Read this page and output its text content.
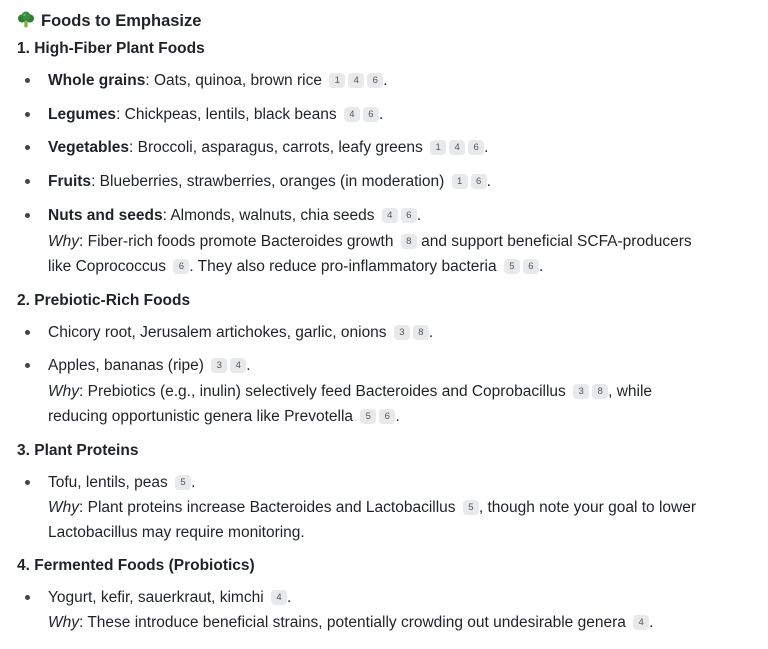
Foods to Emphasize
1. High-Fiber Plant Foods
Whole grains: Oats, quinoa, brown rice 1 4 6 .
Legumes: Chickpeas, lentils, black beans 4 6 .
Vegetables: Broccoli, asparagus, carrots, leafy greens 1 4 6 .
Fruits: Blueberries, strawberries, oranges (in moderation) 1 6 .
Nuts and seeds: Almonds, walnuts, chia seeds 4 6 .
Why: Fiber-rich foods promote Bacteroides growth 8 and support beneficial SCFA-producers
like Coprococcus 6 . They also reduce pro-inflammatory bacteria 5 6 .
2. Prebiotic-Rich Foods
Chicory root, Jerusalem artichokes, garlic, onions 3 8 .
Apples, bananas (ripe) 3 4 .
Why: Prebiotics (e.g., inulin) selectively feed Bacteroides and Coprobacillus 3 8 , while
reducing opportunistic genera like Prevotella 5 6 .
3. Plant Proteins
Tofu, lentils, peas 5 .
Why: Plant proteins increase Bacteroides and Lactobacillus 5 , though note your goal to lower
Lactobacillus may require monitoring.
4. Fermented Foods (Probiotics)
Yogurt, kefir, sauerkraut, kimchi 4 .
Why: These introduce beneficial strains, potentially crowding out undesirable genera 4 .
